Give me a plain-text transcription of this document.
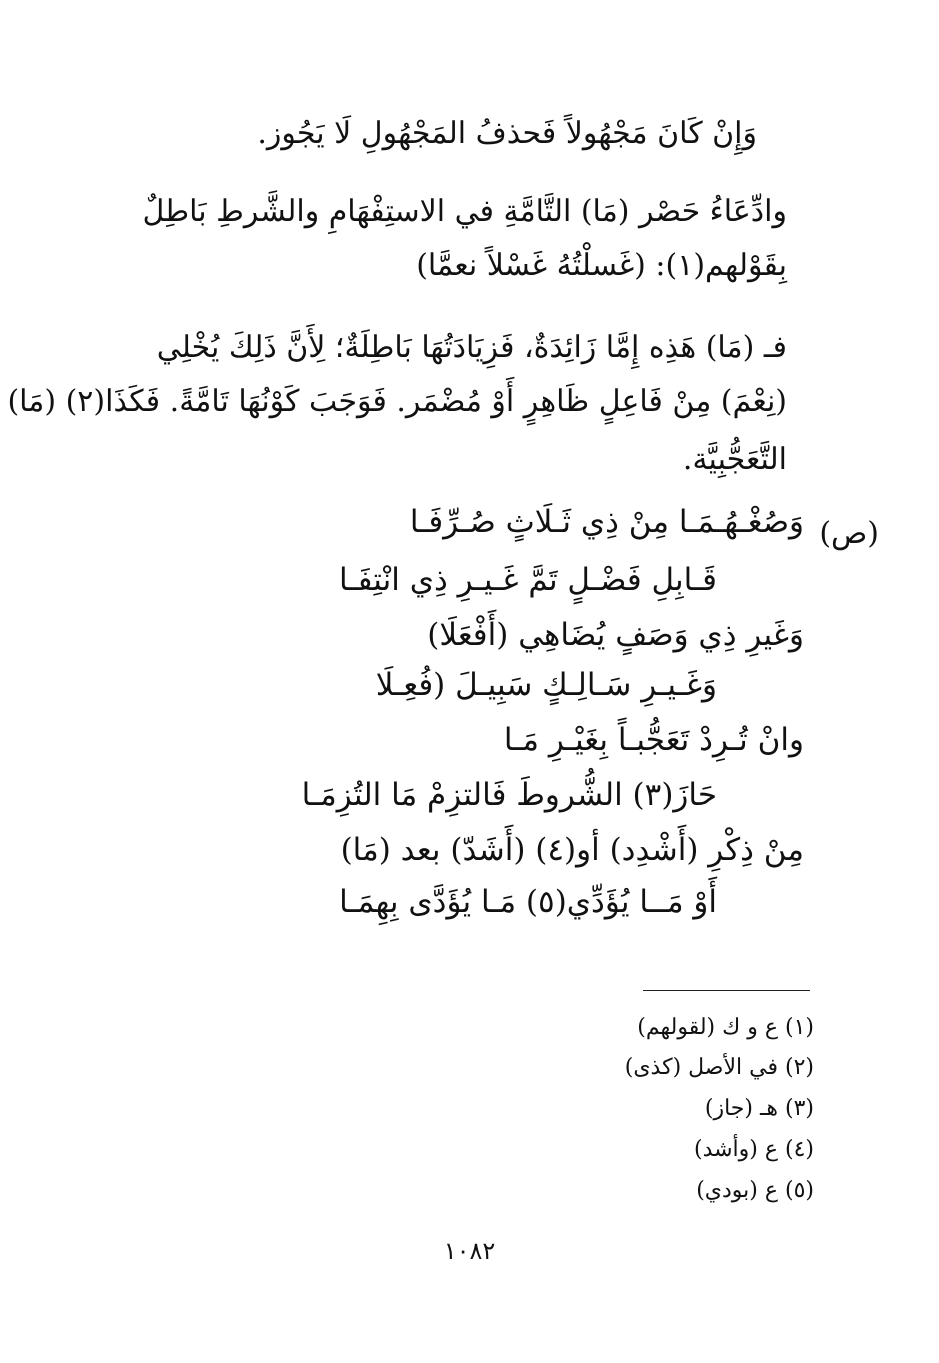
وَإِنْ كَانَ مَجْهُولاً فَحذفُ المَجْهُولِ لَا يَجُوز.
وادِّعَاءُ حَصْر (مَا) التَّامَّةِ في الاستِفْهَامِ والشَّرطِ بَاطِلٌ
بِقَوْلهم(١): (غَسلْتُهُ غَسْلاً نعمَّا)
فـ (مَا) هَذِه إِمَّا زَائِدَةٌ، فَزِيَادَتُهَا بَاطِلَةٌ؛ لِأَنَّ ذَلِكَ يُخْلِي
(نِعْمَ) مِنْ فَاعِلٍ ظَاهِرٍ أَوْ مُضْمَر. فَوَجَبَ كَوْنُهَا تَامَّةً. فَكَذَا(٢) (مَا)
التَّعَجُّبِيَّة.
(ص)
وَصُغْـهُـمَـا مِنْ ذِي ثَـلَاثٍ صُـرِّفَـا
قَـابِلِ فَضْـلٍ تَمَّ غَـيـرِ ذِي انْتِفَـا
وَغَيرِ ذِي وَصَفٍ يُضَاهِي (أَفْعَلَا)
وَغَـيـرِ سَـالِـكٍ سَبِيـلَ (فُعِـلَا
وانْ تُـرِدْ تَعَجُّبـاً بِغَيْـرِ مَـا
حَازَ(٣) الشُّروطَ فَالتزِمْ مَا التُزِمَـا
مِنْ ذِكْرِ (أَشْدِد) أو(٤) (أَشَدّ) بعد (مَا)
أَوْ مَــا يُؤَدِّي(٥) مَـا يُؤَدَّى بِهِمَـا
(١) ع و ك (لقولهم)
(٢) في الأصل (كذى)
(٣) هـ (جاز)
(٤) ع (وأشد)
(٥) ع (بودي)
١٠٨٢
